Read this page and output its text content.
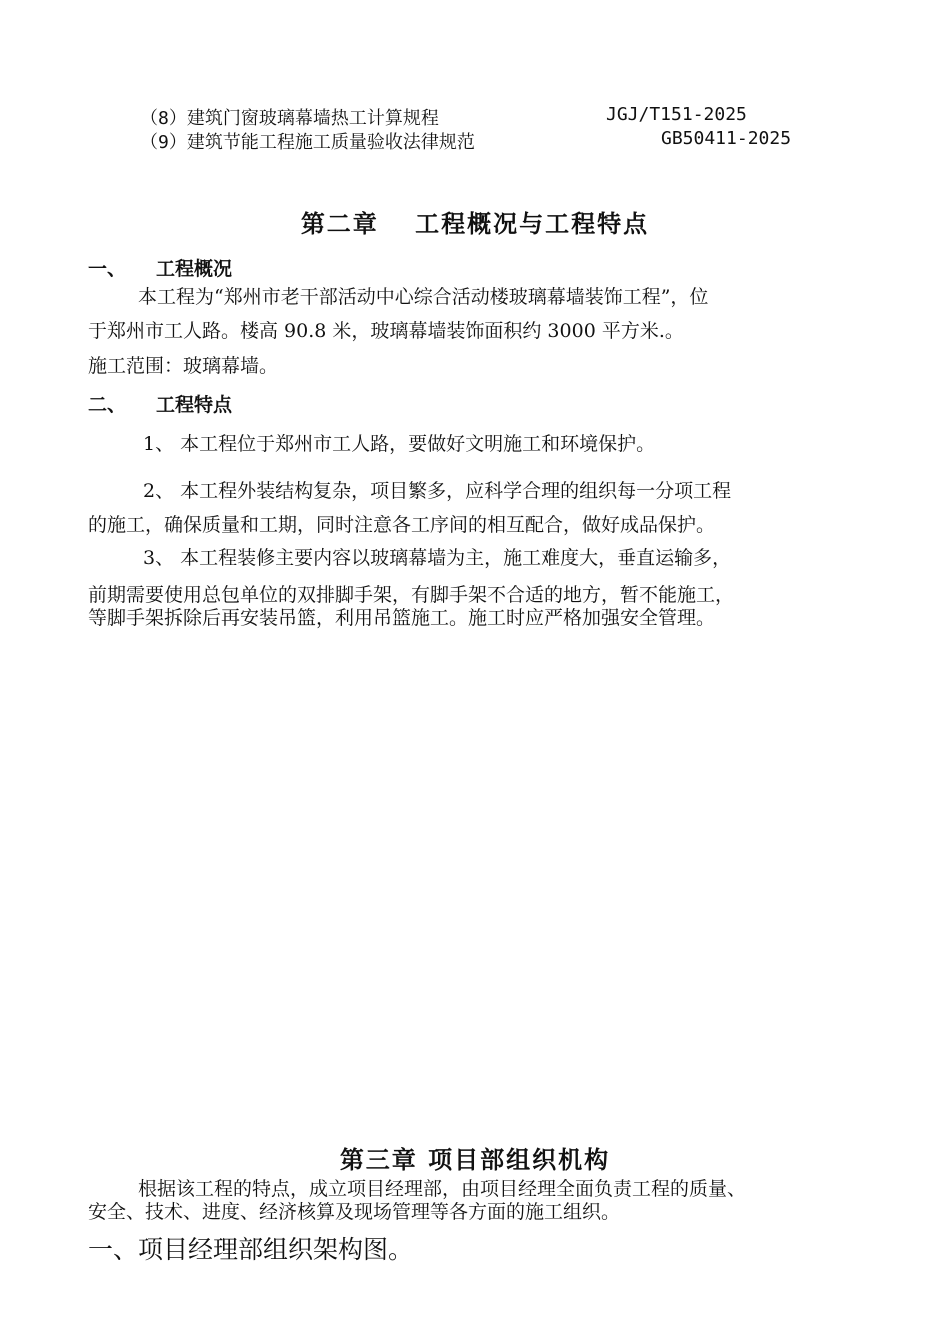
（8）建筑门窗玻璃幕墙热工计算规程	JGJ/T151-2025
（9）建筑节能工程施工质量验收法律规范	GB50411-2025
第二章　 工程概况与工程特点
一、 工程概况
本工程为“郑州市老干部活动中心综合活动楼玻璃幕墙装饰工程”，位
于郑州市工人路。楼高 90.8 米，玻璃幕墙装饰面积约 3000 平方米.。
施工范围：玻璃幕墙。
二、 工程特点
1、 本工程位于郑州市工人路，要做好文明施工和环境保护。
2、 本工程外装结构复杂，项目繁多，应科学合理的组织每一分项工程
的施工，确保质量和工期，同时注意各工序间的相互配合，做好成品保护。
3、 本工程装修主要内容以玻璃幕墙为主，施工难度大，垂直运输多，
前期需要使用总包单位的双排脚手架，有脚手架不合适的地方，暂不能施工，
等脚手架拆除后再安装吊篮，利用吊篮施工。施工时应严格加强安全管理。
第三章 项目部组织机构
根据该工程的特点，成立项目经理部，由项目经理全面负责工程的质量、
安全、技术、进度、经济核算及现场管理等各方面的施工组织。
一、项目经理部组织架构图。
